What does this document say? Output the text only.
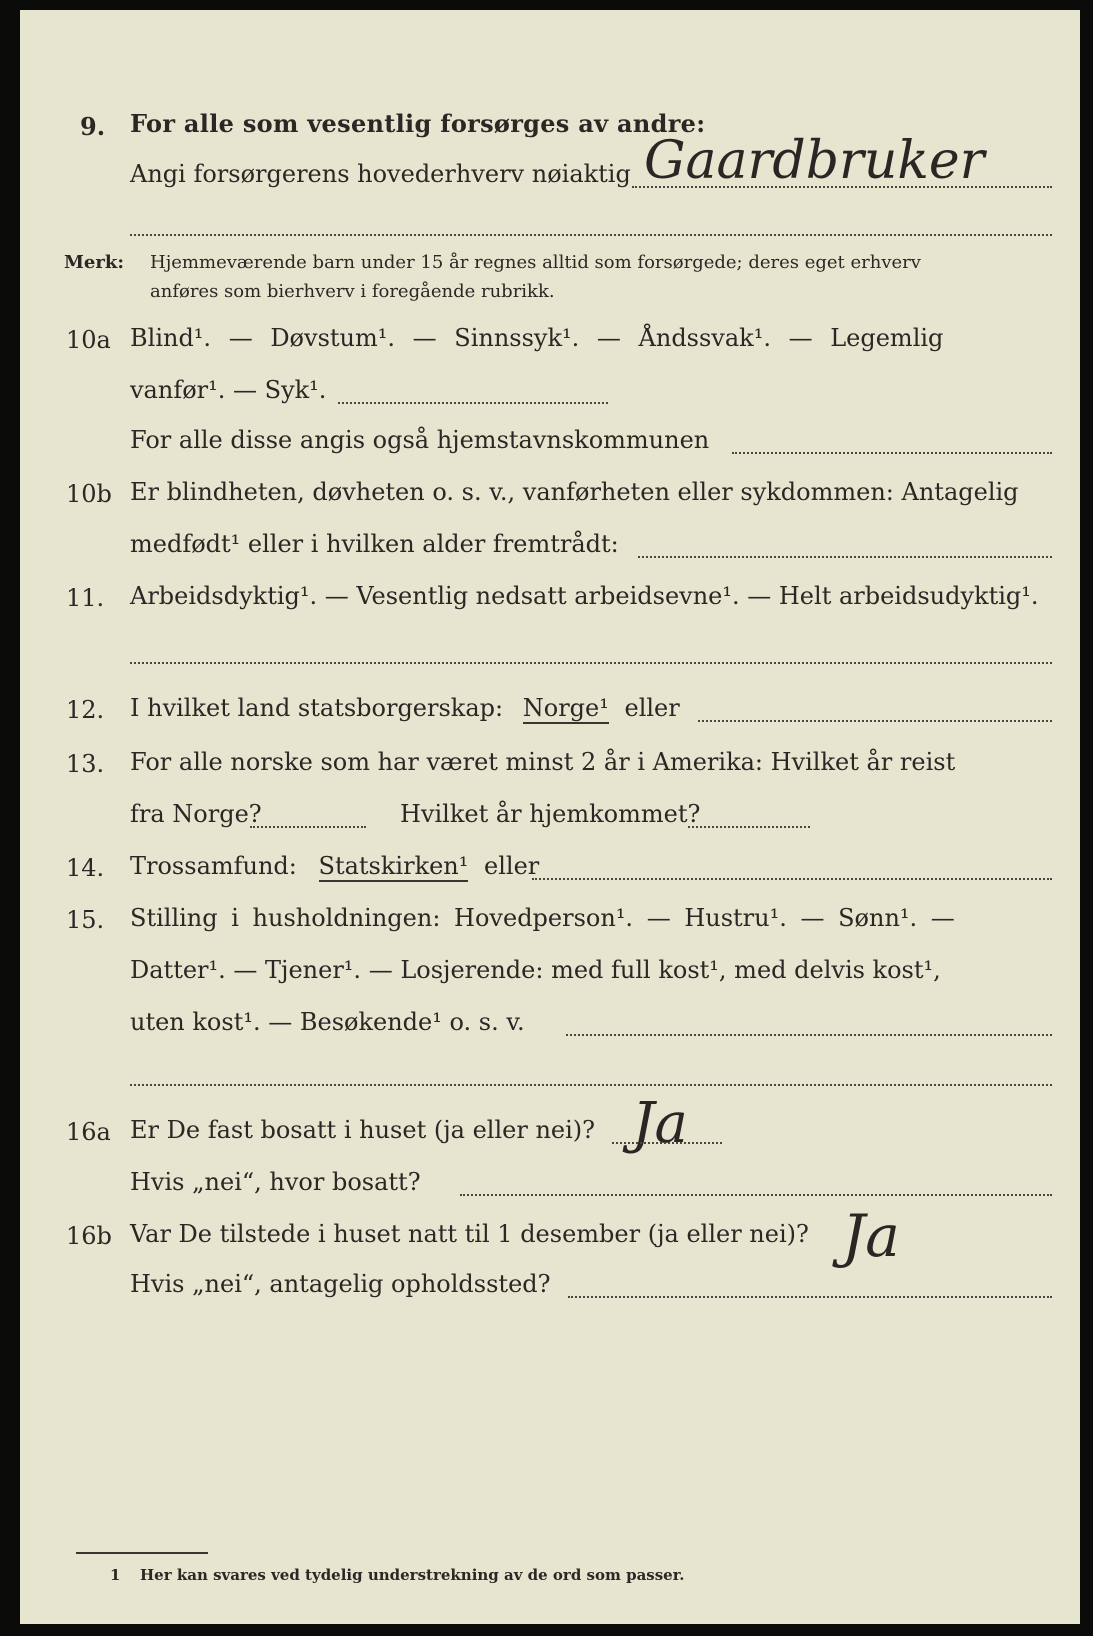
9. For alle som vesentlig forsørges av andre:
Angi forsørgerens hovederhverv nøiaktig Gaardbruker
Merk: Hjemmeværende barn under 15 år regnes alltid som forsørgede; deres eget erhverv
anføres som bierhverv i foregående rubrikk.
10a Blind¹. — Døvstum¹. — Sinnssyk¹. — Åndssvak¹. — Legemlig
vanfør¹. — Syk¹.
For alle disse angis også hjemstavnskommunen
10b Er blindheten, døvheten o. s. v., vanførheten eller sykdommen: Antagelig
medfødt¹ eller i hvilken alder fremtrådt:
11. Arbeidsdyktig¹. — Vesentlig nedsatt arbeidsevne¹. — Helt arbeidsudyktig¹.
12. I hvilket land statsborgerskap: Norge¹ eller
13. For alle norske som har været minst 2 år i Amerika: Hvilket år reist
fra Norge?	Hvilket år hjemkommet?
14. Trossamfund: Statskirken¹ eller
15. Stilling i husholdningen: Hovedperson¹. — Hustru¹. — Sønn¹. —
Datter¹. — Tjener¹. — Losjerende: med full kost¹, med delvis kost¹,
uten kost¹. — Besøkende¹ o. s. v.
16a Er De fast bosatt i huset (ja eller nei)? Ja
Hvis „nei“, hvor bosatt?
16b Var De tilstede i huset natt til 1 desember (ja eller nei)? Ja
Hvis „nei“, antagelig opholdssted?
1 Her kan svares ved tydelig understrekning av de ord som passer.
